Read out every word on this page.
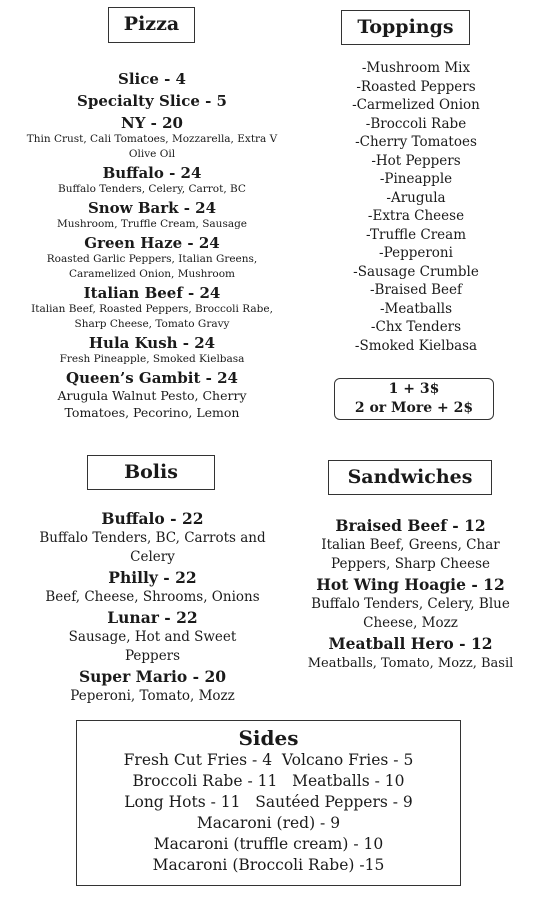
Pizza
Slice - 4
Specialty Slice - 5
NY - 20
Thin Crust, Cali Tomatoes, Mozzarella, Extra V Olive Oil
Buffalo - 24
Buffalo Tenders, Celery, Carrot, BC
Snow Bark - 24
Mushroom, Truffle Cream, Sausage
Green Haze - 24
Roasted Garlic Peppers, Italian Greens, Caramelized Onion, Mushroom
Italian Beef - 24
Italian Beef, Roasted Peppers, Broccoli Rabe, Sharp Cheese, Tomato Gravy
Hula Kush - 24
Fresh Pineapple, Smoked Kielbasa
Queen’s Gambit - 24
Arugula Walnut Pesto, Cherry Tomatoes, Pecorino, Lemon
Toppings
-Mushroom Mix
-Roasted Peppers
-Carmelized Onion
-Broccoli Rabe
-Cherry Tomatoes
-Hot Peppers
-Pineapple
-Arugula
-Extra Cheese
-Truffle Cream
-Pepperoni
-Sausage Crumble
-Braised Beef
-Meatballs
-Chx Tenders
-Smoked Kielbasa
1 + 3$
2 or More + 2$
Bolis
Buffalo - 22
Buffalo Tenders, BC, Carrots and Celery
Philly - 22
Beef, Cheese, Shrooms, Onions
Lunar - 22
Sausage, Hot and Sweet Peppers
Super Mario - 20
Peperoni, Tomato, Mozz
Sandwiches
Braised Beef - 12
Italian Beef, Greens, Char Peppers, Sharp Cheese
Hot Wing Hoagie - 12
Buffalo Tenders, Celery, Blue Cheese, Mozz
Meatball Hero - 12
Meatballs, Tomato, Mozz, Basil
Sides
Fresh Cut Fries - 4  Volcano Fries - 5
Broccoli Rabe - 11   Meatballs - 10
Long Hots - 11   Sautéed Peppers - 9
Macaroni (red) - 9
Macaroni (truffle cream) - 10
Macaroni (Broccoli Rabe) -15
